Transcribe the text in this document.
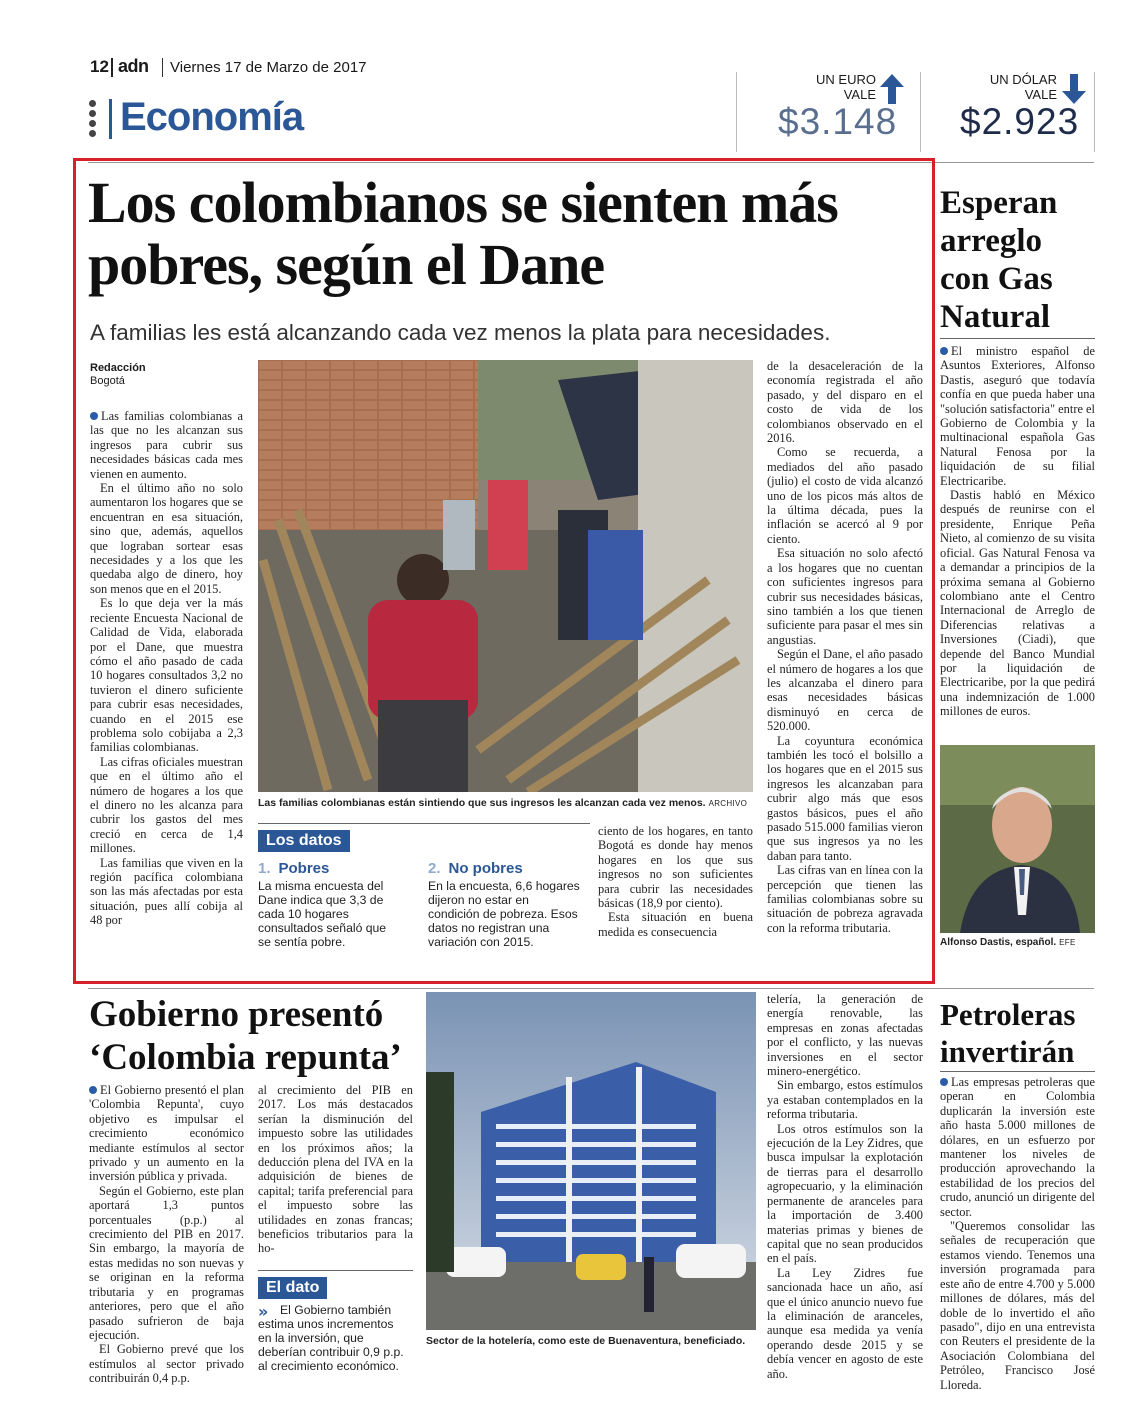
12 adn Viernes 17 de Marzo de 2017
Economía
UN EURO
VALE
$3.148
UN DÓLAR
VALE
$2.923
Los colombianos se sienten más pobres, según el Dane
A familias les está alcanzando cada vez menos la plata para necesidades.
Redacción
Bogotá

Las familias colombianas a las que no les alcanzan sus ingresos para cubrir sus necesidades básicas cada mes vienen en aumento.

En el último año no solo aumentaron los hogares que se encuentran en esa situación, sino que, además, aquellos que lograban sortear esas necesidades y a los que les quedaba algo de dinero, hoy son menos que en el 2015.

Es lo que deja ver la más reciente Encuesta Nacional de Calidad de Vida, elaborada por el Dane, que muestra cómo el año pasado de cada 10 hogares consultados 3,2 no tuvieron el dinero suficiente para cubrir esas necesidades, cuando en el 2015 ese problema solo cobijaba a 2,3 familias colombianas.

Las cifras oficiales muestran que en el último año el número de hogares a los que el dinero no les alcanza para cubrir los gastos del mes creció en cerca de 1,4 millones.

Las familias que viven en la región pacífica colombiana son las más afectadas por esta situación, pues allí cobija al 48 por

Las familias colombianas están sintiendo que sus ingresos les alcanzan cada vez menos. ARCHIVO
Los datos
1. Pobres
La misma encuesta del Dane indica que 3,3 de cada 10 hogares consultados señaló que se sentía pobre.
2. No pobres
En la encuesta, 6,6 hogares dijeron no estar en condición de pobreza. Esos datos no registran una variación con 2015.

ciento de los hogares, en tanto Bogotá es donde hay menos hogares en los que sus ingresos no son suficientes para cubrir las necesidades básicas (18,9 por ciento).

Esta situación en buena medida es consecuencia

de la desaceleración de la economía registrada el año pasado, y del disparo en el costo de vida de los colombianos observado en el 2016.

Como se recuerda, a mediados del año pasado (julio) el costo de vida alcanzó uno de los picos más altos de la última década, pues la inflación se acercó al 9 por ciento.

Esa situación no solo afectó a los hogares que no cuentan con suficientes ingresos para cubrir sus necesidades básicas, sino también a los que tienen suficiente para pasar el mes sin angustias.

Según el Dane, el año pasado el número de hogares a los que les alcanzaba el dinero para esas necesidades básicas disminuyó en cerca de 520.000.

La coyuntura económica también les tocó el bolsillo a los hogares que en el 2015 sus ingresos les alcanzaban para cubrir algo más que esos gastos básicos, pues el año pasado 515.000 familias vieron que sus ingresos ya no les daban para tanto.

Las cifras van en línea con la percepción que tienen las familias colombianas sobre su situación de pobreza agravada con la reforma tributaria.

Esperan arreglo con Gas Natural

El ministro español de Asuntos Exteriores, Alfonso Dastis, aseguró que todavía confía en que pueda haber una "solución satisfactoria" entre el Gobierno de Colombia y la multinacional española Gas Natural Fenosa por la liquidación de su filial Electricaribe.

Dastis habló en México después de reunirse con el presidente, Enrique Peña Nieto, al comienzo de su visita oficial. Gas Natural Fenosa va a demandar a principios de la próxima semana al Gobierno colombiano ante el Centro Internacional de Arreglo de Diferencias relativas a Inversiones (Ciadi), que depende del Banco Mundial por la liquidación de Electricaribe, por la que pedirá una indemnización de 1.000 millones de euros.

Alfonso Dastis, español. EFE
Gobierno presentó ‘Colombia repunta’

El Gobierno presentó el plan 'Colombia Repunta', cuyo objetivo es impulsar el crecimiento económico mediante estímulos al sector privado y un aumento en la inversión pública y privada.

Según el Gobierno, este plan aportará 1,3 puntos porcentuales (p.p.) al crecimiento del PIB en 2017. Sin embargo, la mayoría de estas medidas no son nuevas y se originan en la reforma tributaria y en programas anteriores, pero que el año pasado sufrieron de baja ejecución.

El Gobierno prevé que los estímulos al sector privado contribuirán 0,4 p.p.

al crecimiento del PIB en 2017. Los más destacados serían la disminución del impuesto sobre las utilidades en los próximos años; la deducción plena del IVA en la adquisición de bienes de capital; tarifa preferencial para el impuesto sobre las utilidades en zonas francas; beneficios tributarios para la ho-

El dato
» El Gobierno también estima unos incrementos en la inversión, que deberían contribuir 0,9 p.p. al crecimiento económico.
Sector de la hotelería, como este de Buenaventura, beneficiado.

telería, la generación de energía renovable, las empresas en zonas afectadas por el conflicto, y las nuevas inversiones en el sector minero-energético.

Sin embargo, estos estímulos ya estaban contemplados en la reforma tributaria.

Los otros estímulos son la ejecución de la Ley Zidres, que busca impulsar la explotación de tierras para el desarrollo agropecuario, y la eliminación permanente de aranceles para la importación de 3.400 materias primas y bienes de capital que no sean producidos en el país.

La Ley Zidres fue sancionada hace un año, así que el único anuncio nuevo fue la eliminación de aranceles, aunque esa medida ya venía operando desde 2015 y se debía vencer en agosto de este año.

Petroleras invertirán

Las empresas petroleras que operan en Colombia duplicarán la inversión este año hasta 5.000 millones de dólares, en un esfuerzo por mantener los niveles de producción aprovechando la estabilidad de los precios del crudo, anunció un dirigente del sector.

"Queremos consolidar las señales de recuperación que estamos viendo. Tenemos una inversión programada para este año de entre 4.700 y 5.000 millones de dólares, más del doble de lo invertido el año pasado", dijo en una entrevista con Reuters el presidente de la Asociación Colombiana del Petróleo, Francisco José Lloreda.
